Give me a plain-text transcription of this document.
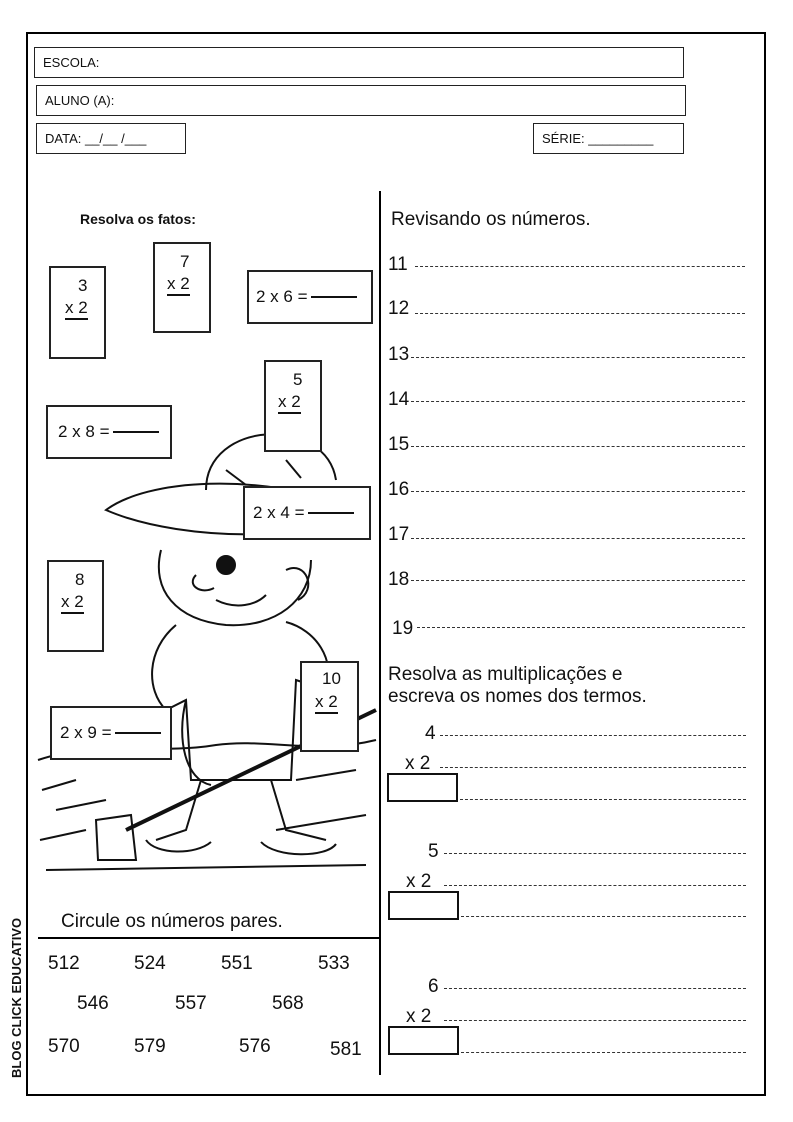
ESCOLA:
ALUNO (A):
DATA: __/__ /___	SÉRIE: _________
Resolva os fatos:
3
x 2
7
x 2
5
x 2
8
x 2
10
x 2
2 x 6 =
2 x 8 =
2 x 4 =
2 x 9 =
Circule os números pares.
512	524	551	533
546	557	568
570	579	576	581
Revisando os números.
11
12
13
14
15
16
17
18
19
Resolva as multiplicações e
escreva os nomes dos termos.
4
x 2
5
x 2
6
x 2
BLOG CLICK EDUCATIVO
